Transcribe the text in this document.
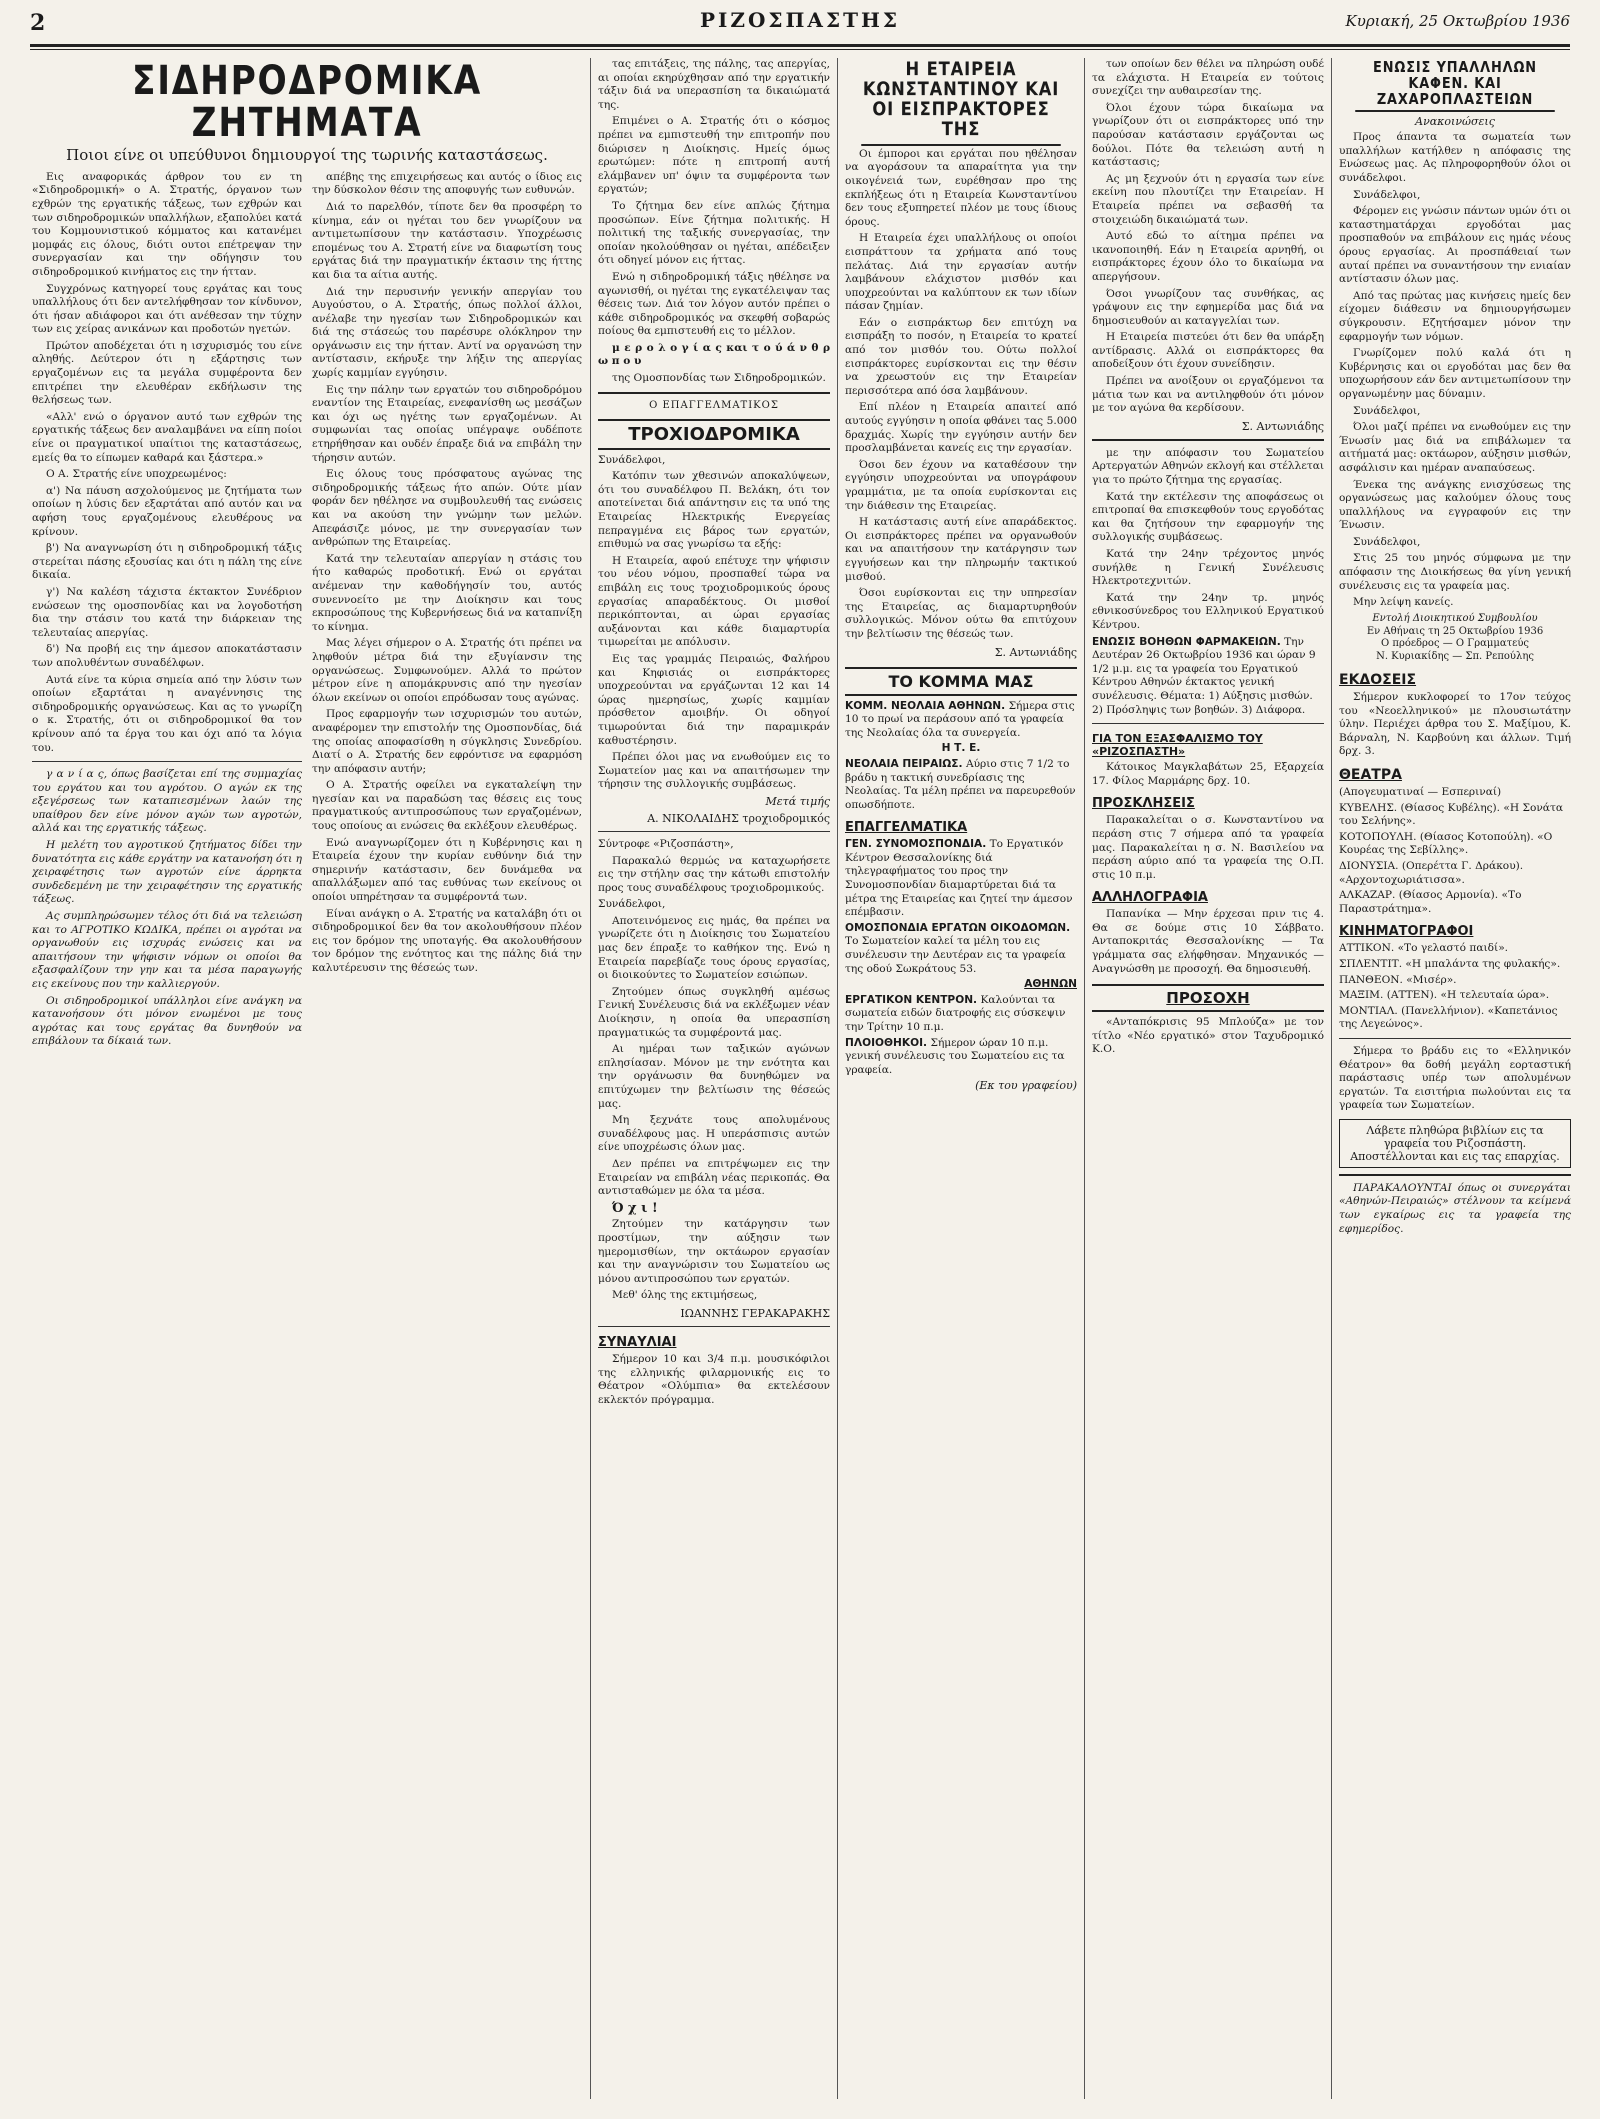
2	ΡΙΖΟΣΠΑΣΤΗΣ	Κυριακή, 25 Οκτωβρίου 1936
ΣΙΔΗΡΟΔΡΟΜΙΚΑ ΖΗΤΗΜΑΤΑ
Ποιοι είνε οι υπεύθυνοι δημιουργοί της τωρινής καταστάσεως.

Εις αναφορικάς άρθρον του εν τη «Σιδηροδρομική» ο Α. Στρατής, όργανον των εχθρών της εργατικής τάξεως, των εχθρών και των σιδηροδρομικών υπαλλήλων, εξαπολύει κατά του Κομμουνιστικού κόμματος και κατανέμει μομφάς εις όλους, διότι ουτοι επέτρεψαν την συνεργασίαν και την οδήγησιν του σιδηροδρομικού κινήματος εις την ήτταν.

Συγχρόνως κατηγορεί τους εργάτας και τους υπαλλήλους ότι δεν αντελήφθησαν τον κίνδυνον, ότι ήσαν αδιάφοροι και ότι ανέθεσαν την τύχην των εις χείρας ανικάνων και προδοτών ηγετών.

Πρώτον αποδέχεται ότι η ισχυρισμός του είνε αληθής. Δεύτερον ότι η εξάρτησις των εργαζομένων εις τα μεγάλα συμφέροντα δεν επιτρέπει την ελευθέραν εκδήλωσιν της θελήσεως των.

«Αλλ' ενώ ο όργανον αυτό των εχθρών της εργατικής τάξεως δεν αναλαμβάνει να είπη ποίοι είνε οι πραγματικοί υπαίτιοι της καταστάσεως, εμείς θα το είπωμεν καθαρά και ξάστερα.»

Ο Α. Στρατής είνε υποχρεωμένος:

α') Να πάυση ασχολούμενος με ζητήματα των οποίων η λύσις δεν εξαρτάται από αυτόν και να αφήση τους εργαζομένους ελευθέρους να κρίνουν.

β') Να αναγνωρίση ότι η σιδηροδρομική τάξις στερείται πάσης εξουσίας και ότι η πάλη της είνε δικαία.

γ') Να καλέση τάχιστα έκτακτον Συνέδριον ενώσεων της ομοσπονδίας και να λογοδοτήση δια την στάσιν του κατά την διάρκειαν της τελευταίας απεργίας.

δ') Να προβή εις την άμεσον αποκατάστασιν των απολυθέντων συναδέλφων.

Αυτά είνε τα κύρια σημεία από την λύσιν των οποίων εξαρτάται η αναγέννησις της σιδηροδρομικής οργανώσεως. Και ας το γνωρίζη ο κ. Στρατής, ότι οι σιδηροδρομικοί θα τον κρίνουν από τα έργα του και όχι από τα λόγια του.

γ α ν ί α ς, όπως βασίζεται επί της συμμαχίας του εργάτου και του αγρότου. Ο αγών εκ της εξεγέρσεως των καταπιεσμένων λαών της υπαίθρου δεν είνε μόνον αγών των αγροτών, αλλά και της εργατικής τάξεως.

Η μελέτη του αγροτικού ζητήματος δίδει την δυνατότητα εις κάθε εργάτην να κατανοήση ότι η χειραφέτησις των αγροτών είνε άρρηκτα συνδεδεμένη με την χειραφέτησιν της εργατικής τάξεως.

Ας συμπληρώσωμεν τέλος ότι διά να τελειώση και το ΑΓΡΟΤΙΚΟ ΚΩΔΙΚΑ, πρέπει οι αγρόται να οργανωθούν εις ισχυράς ενώσεις και να απαιτήσουν την ψήφισιν νόμων οι οποίοι θα εξασφαλίζουν την γην και τα μέσα παραγωγής εις εκείνους που την καλλιεργούν.

Οι σιδηροδρομικοί υπάλληλοι είνε ανάγκη να κατανοήσουν ότι μόνον ενωμένοι με τους αγρότας και τους εργάτας θα δυνηθούν να επιβάλουν τα δίκαιά των.

απέβης της επιχειρήσεως και αυτός ο ίδιος εις την δύσκολον θέσιν της αποφυγής των ευθυνών.

Διά το παρελθόν, τίποτε δεν θα προσφέρη το κίνημα, εάν οι ηγέται του δεν γνωρίζουν να αντιμετωπίσουν την κατάστασιν. Υποχρέωσις επομένως του Α. Στρατή είνε να διαφωτίση τους εργάτας διά την πραγματικήν έκτασιν της ήττης και δια τα αίτια αυτής.

Διά την περυσινήν γενικήν απεργίαν του Αυγούστου, ο Α. Στρατής, όπως πολλοί άλλοι, ανέλαβε την ηγεσίαν των Σιδηροδρομικών και διά της στάσεώς του παρέσυρε ολόκληρον την οργάνωσιν εις την ήτταν. Αντί να οργανώση την αντίστασιν, εκήρυξε την λήξιν της απεργίας χωρίς καμμίαν εγγύησιν.

Εις την πάλην των εργατών του σιδηροδρόμου εναντίον της Εταιρείας, ενεφανίσθη ως μεσάζων και όχι ως ηγέτης των εργαζομένων. Αι συμφωνίαι τας οποίας υπέγραψε ουδέποτε ετηρήθησαν και ουδέν έπραξε διά να επιβάλη την τήρησιν αυτών.

Εις όλους τους πρόσφατους αγώνας της σιδηροδρομικής τάξεως ήτο απών. Ούτε μίαν φοράν δεν ηθέλησε να συμβουλευθή τας ενώσεις και να ακούση την γνώμην των μελών. Απεφάσιζε μόνος, με την συνεργασίαν των ανθρώπων της Εταιρείας.

Κατά την τελευταίαν απεργίαν η στάσις του ήτο καθαρώς προδοτική. Ενώ οι εργάται ανέμεναν την καθοδήγησίν του, αυτός συνεννοείτο με την Διοίκησιν και τους εκπροσώπους της Κυβερνήσεως διά να καταπνίξη το κίνημα.

Μας λέγει σήμερον ο Α. Στρατής ότι πρέπει να ληφθούν μέτρα διά την εξυγίανσιν της οργανώσεως. Συμφωνούμεν. Αλλά το πρώτον μέτρον είνε η απομάκρυνσις από την ηγεσίαν όλων εκείνων οι οποίοι επρόδωσαν τους αγώνας.

Προς εφαρμογήν των ισχυρισμών του αυτών, αναφέρομεν την επιστολήν της Ομοσπονδίας, διά της οποίας αποφασίσθη η σύγκλησις Συνεδρίου. Διατί ο Α. Στρατής δεν εφρόντισε να εφαρμόση την απόφασιν αυτήν;

Ο Α. Στρατής οφείλει να εγκαταλείψη την ηγεσίαν και να παραδώση τας θέσεις εις τους πραγματικούς αντιπροσώπους των εργαζομένων, τους οποίους αι ενώσεις θα εκλέξουν ελευθέρως.

Ενώ αναγνωρίζομεν ότι η Κυβέρνησις και η Εταιρεία έχουν την κυρίαν ευθύνην διά την σημερινήν κατάστασιν, δεν δυνάμεθα να απαλλάξωμεν από τας ευθύνας των εκείνους οι οποίοι υπηρέτησαν τα συμφέροντά των.

Είναι ανάγκη ο Α. Στρατής να καταλάβη ότι οι σιδηροδρομικοί δεν θα τον ακολουθήσουν πλέον εις τον δρόμον της υποταγής. Θα ακολουθήσουν τον δρόμον της ενότητος και της πάλης διά την καλυτέρευσιν της θέσεώς των.

τας επιτάξεις, της πάλης, τας απεργίας, αι οποίαι εκηρύχθησαν από την εργατικήν τάξιν διά να υπερασπίση τα δικαιώματά της.

Επιμένει ο Α. Στρατής ότι ο κόσμος πρέπει να εμπιστευθή την επιτροπήν που διώρισεν η Διοίκησις. Ημείς όμως ερωτώμεν: πότε η επιτροπή αυτή ελάμβανεν υπ' όψιν τα συμφέροντα των εργατών;

Το ζήτημα δεν είνε απλώς ζήτημα προσώπων. Είνε ζήτημα πολιτικής. Η πολιτική της ταξικής συνεργασίας, την οποίαν ηκολούθησαν οι ηγέται, απέδειξεν ότι οδηγεί μόνον εις ήττας.

Ενώ η σιδηροδρομική τάξις ηθέλησε να αγωνισθή, οι ηγέται της εγκατέλειψαν τας θέσεις των. Διά τον λόγον αυτόν πρέπει ο κάθε σιδηροδρομικός να σκεφθή σοβαρώς ποίους θα εμπιστευθή εις το μέλλον.

μ ε ρ ο λ ο γ ί α ς και τ ο ύ ά ν θ ρ ω π ο υ

της Ομοσπονδίας των Σιδηροδρομικών.

Ο ΕΠΑΓΓΕΛΜΑΤΙΚΟΣ
ΤΡΟΧΙΟΔΡΟΜΙΚΑ

Συνάδελφοι,

Κατόπιν των χθεσινών αποκαλύψεων, ότι του συναδέλφου Π. Βελάκη, ότι τον αποτείνεται διά απάντησιν εις τα υπό της Εταιρείας Ηλεκτρικής Ενεργείας πεπραγμένα εις βάρος των εργατών, επιθυμώ να σας γνωρίσω τα εξής:

Η Εταιρεία, αφού επέτυχε την ψήφισιν του νέου νόμου, προσπαθεί τώρα να επιβάλη εις τους τροχιοδρομικούς όρους εργασίας απαραδέκτους. Οι μισθοί περικόπτονται, αι ώραι εργασίας αυξάνονται και κάθε διαμαρτυρία τιμωρείται με απόλυσιν.

Εις τας γραμμάς Πειραιώς, Φαλήρου και Κηφισιάς οι εισπράκτορες υποχρεούνται να εργάζωνται 12 και 14 ώρας ημερησίως, χωρίς καμμίαν πρόσθετον αμοιβήν. Οι οδηγοί τιμωρούνται διά την παραμικράν καθυστέρησιν.

Πρέπει όλοι μας να ενωθούμεν εις το Σωματείον μας και να απαιτήσωμεν την τήρησιν της συλλογικής συμβάσεως.

Μετά τιμής
Α. ΝΙΚΟΛΑΙΔΗΣ τροχιοδρομικός

Σύντροφε «Ριζοσπάστη»,

Παρακαλώ θερμώς να καταχωρήσετε εις την στήλην σας την κάτωθι επιστολήν προς τους συναδέλφους τροχιοδρομικούς.

Συνάδελφοι,

Αποτεινόμενος εις ημάς, θα πρέπει να γνωρίζετε ότι η Διοίκησις του Σωματείου μας δεν έπραξε το καθήκον της. Ενώ η Εταιρεία παρεβίαζε τους όρους εργασίας, οι διοικούντες το Σωματείον εσιώπων.

Ζητούμεν όπως συγκληθή αμέσως Γενική Συνέλευσις διά να εκλέξωμεν νέαν Διοίκησιν, η οποία θα υπερασπίση πραγματικώς τα συμφέροντά μας.

Αι ημέραι των ταξικών αγώνων επλησίασαν. Μόνον με την ενότητα και την οργάνωσιν θα δυνηθώμεν να επιτύχωμεν την βελτίωσιν της θέσεώς μας.

Μη ξεχνάτε τους απολυμένους συναδέλφους μας. Η υπεράσπισις αυτών είνε υποχρέωσις όλων μας.

Δεν πρέπει να επιτρέψωμεν εις την Εταιρείαν να επιβάλη νέας περικοπάς. Θα αντισταθώμεν με όλα τα μέσα.

Ό χ ι !

Ζητούμεν την κατάργησιν των προστίμων, την αύξησιν των ημερομισθίων, την οκτάωρον εργασίαν και την αναγνώρισιν του Σωματείου ως μόνου αντιπροσώπου των εργατών.

Μεθ' όλης της εκτιμήσεως,

ΙΩΑΝΝΗΣ ΓΕΡΑΚΑΡΑΚΗΣ
ΣΥΝΑΥΛΙΑΙ

Σήμερον 10 και 3/4 π.μ. μουσικόφιλοι της ελληνικής φιλαρμονικής εις το Θέατρον «Ολύμπια» θα εκτελέσουν εκλεκτόν πρόγραμμα.

Η ΕΤΑΙΡΕΙΑ ΚΩΝΣΤΑΝΤΙΝΟΥ ΚΑΙ ΟΙ ΕΙΣΠΡΑΚΤΟΡΕΣ ΤΗΣ

Οι έμποροι και εργάται που ηθέλησαν να αγοράσουν τα απαραίτητα για την οικογένειά των, ευρέθησαν προ της εκπλήξεως ότι η Εταιρεία Κωνσταντίνου δεν τους εξυπηρετεί πλέον με τους ίδιους όρους.

Η Εταιρεία έχει υπαλλήλους οι οποίοι εισπράττουν τα χρήματα από τους πελάτας. Διά την εργασίαν αυτήν λαμβάνουν ελάχιστον μισθόν και υποχρεούνται να καλύπτουν εκ των ιδίων πάσαν ζημίαν.

Εάν ο εισπράκτωρ δεν επιτύχη να εισπράξη το ποσόν, η Εταιρεία το κρατεί από τον μισθόν του. Ούτω πολλοί εισπράκτορες ευρίσκονται εις την θέσιν να χρεωστούν εις την Εταιρείαν περισσότερα από όσα λαμβάνουν.

Επί πλέον η Εταιρεία απαιτεί από αυτούς εγγύησιν η οποία φθάνει τας 5.000 δραχμάς. Χωρίς την εγγύησιν αυτήν δεν προσλαμβάνεται κανείς εις την εργασίαν.

Όσοι δεν έχουν να καταθέσουν την εγγύησιν υποχρεούνται να υπογράφουν γραμμάτια, με τα οποία ευρίσκονται εις την διάθεσιν της Εταιρείας.

Η κατάστασις αυτή είνε απαράδεκτος. Οι εισπράκτορες πρέπει να οργανωθούν και να απαιτήσουν την κατάργησιν των εγγυήσεων και την πληρωμήν τακτικού μισθού.

Όσοι ευρίσκονται εις την υπηρεσίαν της Εταιρείας, ας διαμαρτυρηθούν συλλογικώς. Μόνον ούτω θα επιτύχουν την βελτίωσιν της θέσεώς των.

Σ. Αντωνιάδης
ΤΟ ΚΟΜΜΑ ΜΑΣ
ΚΟΜΜ. ΝΕΟΛΑΙΑ ΑΘΗΝΩΝ. Σήμερα στις 10 το πρωί να περάσουν από τα γραφεία της Νεολαίας όλα τα συνεργεία.
Η Τ. Ε.
ΝΕΟΛΑΙΑ ΠΕΙΡΑΙΩΣ. Αύριο στις 7 1/2 το βράδυ η τακτική συνεδρίασις της Νεολαίας. Τα μέλη πρέπει να παρευρεθούν οπωσδήποτε.
ΕΠΑΓΓΕΛΜΑΤΙΚΑ
ΓΕΝ. ΣΥΝΟΜΟΣΠΟΝΔΙΑ. Το Εργατικόν Κέντρον Θεσσαλονίκης διά τηλεγραφήματος του προς την Συνομοσπονδίαν διαμαρτύρεται διά τα μέτρα της Εταιρείας και ζητεί την άμεσον επέμβασιν.
ΟΜΟΣΠΟΝΔΙΑ ΕΡΓΑΤΩΝ ΟΙΚΟΔΟΜΩΝ. Το Σωματείον καλεί τα μέλη του εις συνέλευσιν την Δευτέραν εις τα γραφεία της οδού Σωκράτους 53.
ΑΘΗΝΩΝ
ΕΡΓΑΤΙΚΟΝ ΚΕΝΤΡΟΝ. Καλούνται τα σωματεία ειδών διατροφής εις σύσκεψιν την Τρίτην 10 π.μ.
ΠΛΟΙΟΘΗΚΟΙ. Σήμερον ώραν 10 π.μ. γενική συνέλευσις του Σωματείου εις τα γραφεία.
(Εκ του γραφείου)

των οποίων δεν θέλει να πληρώση ουδέ τα ελάχιστα. Η Εταιρεία εν τούτοις συνεχίζει την αυθαιρεσίαν της.

Όλοι έχουν τώρα δικαίωμα να γνωρίζουν ότι οι εισπράκτορες υπό την παρούσαν κατάστασιν εργάζονται ως δούλοι. Πότε θα τελειώση αυτή η κατάστασις;

Ας μη ξεχνούν ότι η εργασία των είνε εκείνη που πλουτίζει την Εταιρείαν. Η Εταιρεία πρέπει να σεβασθή τα στοιχειώδη δικαιώματά των.

Αυτό εδώ το αίτημα πρέπει να ικανοποιηθή. Εάν η Εταιρεία αρνηθή, οι εισπράκτορες έχουν όλο το δικαίωμα να απεργήσουν.

Όσοι γνωρίζουν τας συνθήκας, ας γράψουν εις την εφημερίδα μας διά να δημοσιευθούν αι καταγγελίαι των.

Η Εταιρεία πιστεύει ότι δεν θα υπάρξη αντίδρασις. Αλλά οι εισπράκτορες θα αποδείξουν ότι έχουν συνείδησιν.

Πρέπει να ανοίξουν οι εργαζόμενοι τα μάτια των και να αντιληφθούν ότι μόνον με τον αγώνα θα κερδίσουν.

Σ. Αντωνιάδης

με την απόφασιν του Σωματείου Αρτεργατών Αθηνών εκλογή και στέλλεται για το πρώτο ζήτημα της εργασίας.

Κατά την εκτέλεσιν της αποφάσεως οι επιτροπαί θα επισκεφθούν τους εργοδότας και θα ζητήσουν την εφαρμογήν της συλλογικής συμβάσεως.

Κατά την 24ην τρέχοντος μηνός συνήλθε η Γενική Συνέλευσις Ηλεκτροτεχνιτών.

Κατά την 24ην τρ. μηνός εθνικοσύνεδρος του Ελληνικού Εργατικού Κέντρου.

ΕΝΩΣΙΣ ΒΟΗΘΩΝ ΦΑΡΜΑΚΕΙΩΝ. Την Δευτέραν 26 Οκτωβρίου 1936 και ώραν 9 1/2 μ.μ. εις τα γραφεία του Εργατικού Κέντρου Αθηνών έκτακτος γενική συνέλευσις. Θέματα: 1) Αύξησις μισθών. 2) Πρόσληψις των βοηθών. 3) Διάφορα.
ΓΙΑ ΤΟΝ ΕΞΑΣΦΑΛΙΣΜΟ ΤΟΥ «ΡΙΖΟΣΠΑΣΤΗ»

Κάτοικος Μαγκλαβάτων 25, Εξαρχεία 17. Φίλος Μαρμάρης δρχ. 10.

ΠΡΟΣΚΛΗΣΕΙΣ

Παρακαλείται ο σ. Κωνσταντίνου να περάση στις 7 σήμερα από τα γραφεία μας. Παρακαλείται η σ. Ν. Βασιλείου να περάση αύριο από τα γραφεία της Ο.Π. στις 10 π.μ.

ΑΛΛΗΛΟΓΡΑΦΙΑ

Παπανίκα — Μην έρχεσαι πριν τις 4. Θα σε δούμε στις 10 Σάββατο. Ανταποκριτάς Θεσσαλονίκης — Τα γράμματα σας ελήφθησαν. Μηχανικός — Αναγνώσθη με προσοχή. Θα δημοσιευθή.

ΠΡΟΣΟΧΗ

«Ανταπόκρισις 95 Μπλούζα» με τον τίτλο «Νέο εργατικό» στον Ταχυδρομικό Κ.Ο.

ΕΝΩΣΙΣ ΥΠΑΛΛΗΛΩΝ ΚΑΦΕΝ. ΚΑΙ ΖΑΧΑΡΟΠΛΑΣΤΕΙΩΝ
Ανακοινώσεις

Προς άπαντα τα σωματεία των υπαλλήλων κατήλθεν η απόφασις της Ενώσεως μας. Ας πληροφορηθούν όλοι οι συνάδελφοι.

Συνάδελφοι,

Φέρομεν εις γνώσιν πάντων υμών ότι οι καταστηματάρχαι εργοδόται μας προσπαθούν να επιβάλουν εις ημάς νέους όρους εργασίας. Αι προσπάθειαί των αυταί πρέπει να συναντήσουν την ενιαίαν αντίστασιν όλων μας.

Από τας πρώτας μας κινήσεις ημείς δεν είχομεν διάθεσιν να δημιουργήσωμεν σύγκρουσιν. Εζητήσαμεν μόνον την εφαρμογήν των νόμων.

Γνωρίζομεν πολύ καλά ότι η Κυβέρνησις και οι εργοδόται μας δεν θα υποχωρήσουν εάν δεν αντιμετωπίσουν την οργανωμένην μας δύναμιν.

Συνάδελφοι,

Όλοι μαζί πρέπει να ενωθούμεν εις την Ένωσίν μας διά να επιβάλωμεν τα αιτήματά μας: οκτάωρον, αύξησιν μισθών, ασφάλισιν και ημέραν αναπαύσεως.

Ένεκα της ανάγκης ενισχύσεως της οργανώσεως μας καλούμεν όλους τους υπαλλήλους να εγγραφούν εις την Ένωσιν.

Συνάδελφοι,

Στις 25 του μηνός σύμφωνα με την απόφασιν της Διοικήσεως θα γίνη γενική συνέλευσις εις τα γραφεία μας.

Μην λείψη κανείς.

Εντολή Διοικητικού Συμβουλίου
Εν Αθήναις τη 25 Οκτωβρίου 1936
Ο πρόεδρος — Ο Γραμματεύς
Ν. Κυριακίδης — Σπ. Ρεπούλης
ΕΚΔΟΣΕΙΣ

Σήμερον κυκλοφορεί το 17ον τεύχος του «Νεοελληνικού» με πλουσιωτάτην ύλην. Περιέχει άρθρα του Σ. Μαξίμου, Κ. Βάρναλη, Ν. Καρβούνη και άλλων. Τιμή δρχ. 3.

ΘΕΑΤΡΑ
(Απογευματιναί — Εσπεριναί)
ΚΥΒΕΛΗΣ. (Θίασος Κυβέλης). «Η Σονάτα του Σελήνης».
ΚΟΤΟΠΟΥΛΗ. (Θίασος Κοτοπούλη). «Ο Κουρέας της Σεβίλλης».
ΔΙΟΝΥΣΙΑ. (Οπερέττα Γ. Δράκου). «Αρχοντοχωριάτισσα».
ΑΛΚΑΖΑΡ. (Θίασος Αρμονία). «Το Παραστράτημα».
ΚΙΝΗΜΑΤΟΓΡΑΦΟΙ
ΑΤΤΙΚΟΝ. «Το γελαστό παιδί».
ΣΠΛΕΝΤΙΤ. «Η μπαλάντα της φυλακής».
ΠΑΝΘΕΟΝ. «Μισέρ».
ΜΑΞΙΜ. (ΑΤΤΕΝ). «Η τελευταία ώρα».
ΜΟΝΤΙΑΛ. (Πανελλήνιον). «Καπετάνιος της Λεγεώνος».

Σήμερα το βράδυ εις το «Ελληνικόν Θέατρον» θα δοθή μεγάλη εορταστική παράστασις υπέρ των απολυμένων εργατών. Τα εισιτήρια πωλούνται εις τα γραφεία των Σωματείων.

Λάβετε πληθώρα βιβλίων εις τα γραφεία του Ριζοσπάστη. Αποστέλλονται και εις τας επαρχίας.

ΠΑΡΑΚΑΛΟΥΝΤΑΙ όπως οι συνεργάται «Αθηνών-Πειραιώς» στέλνουν τα κείμενά των εγκαίρως εις τα γραφεία της εφημερίδος.
